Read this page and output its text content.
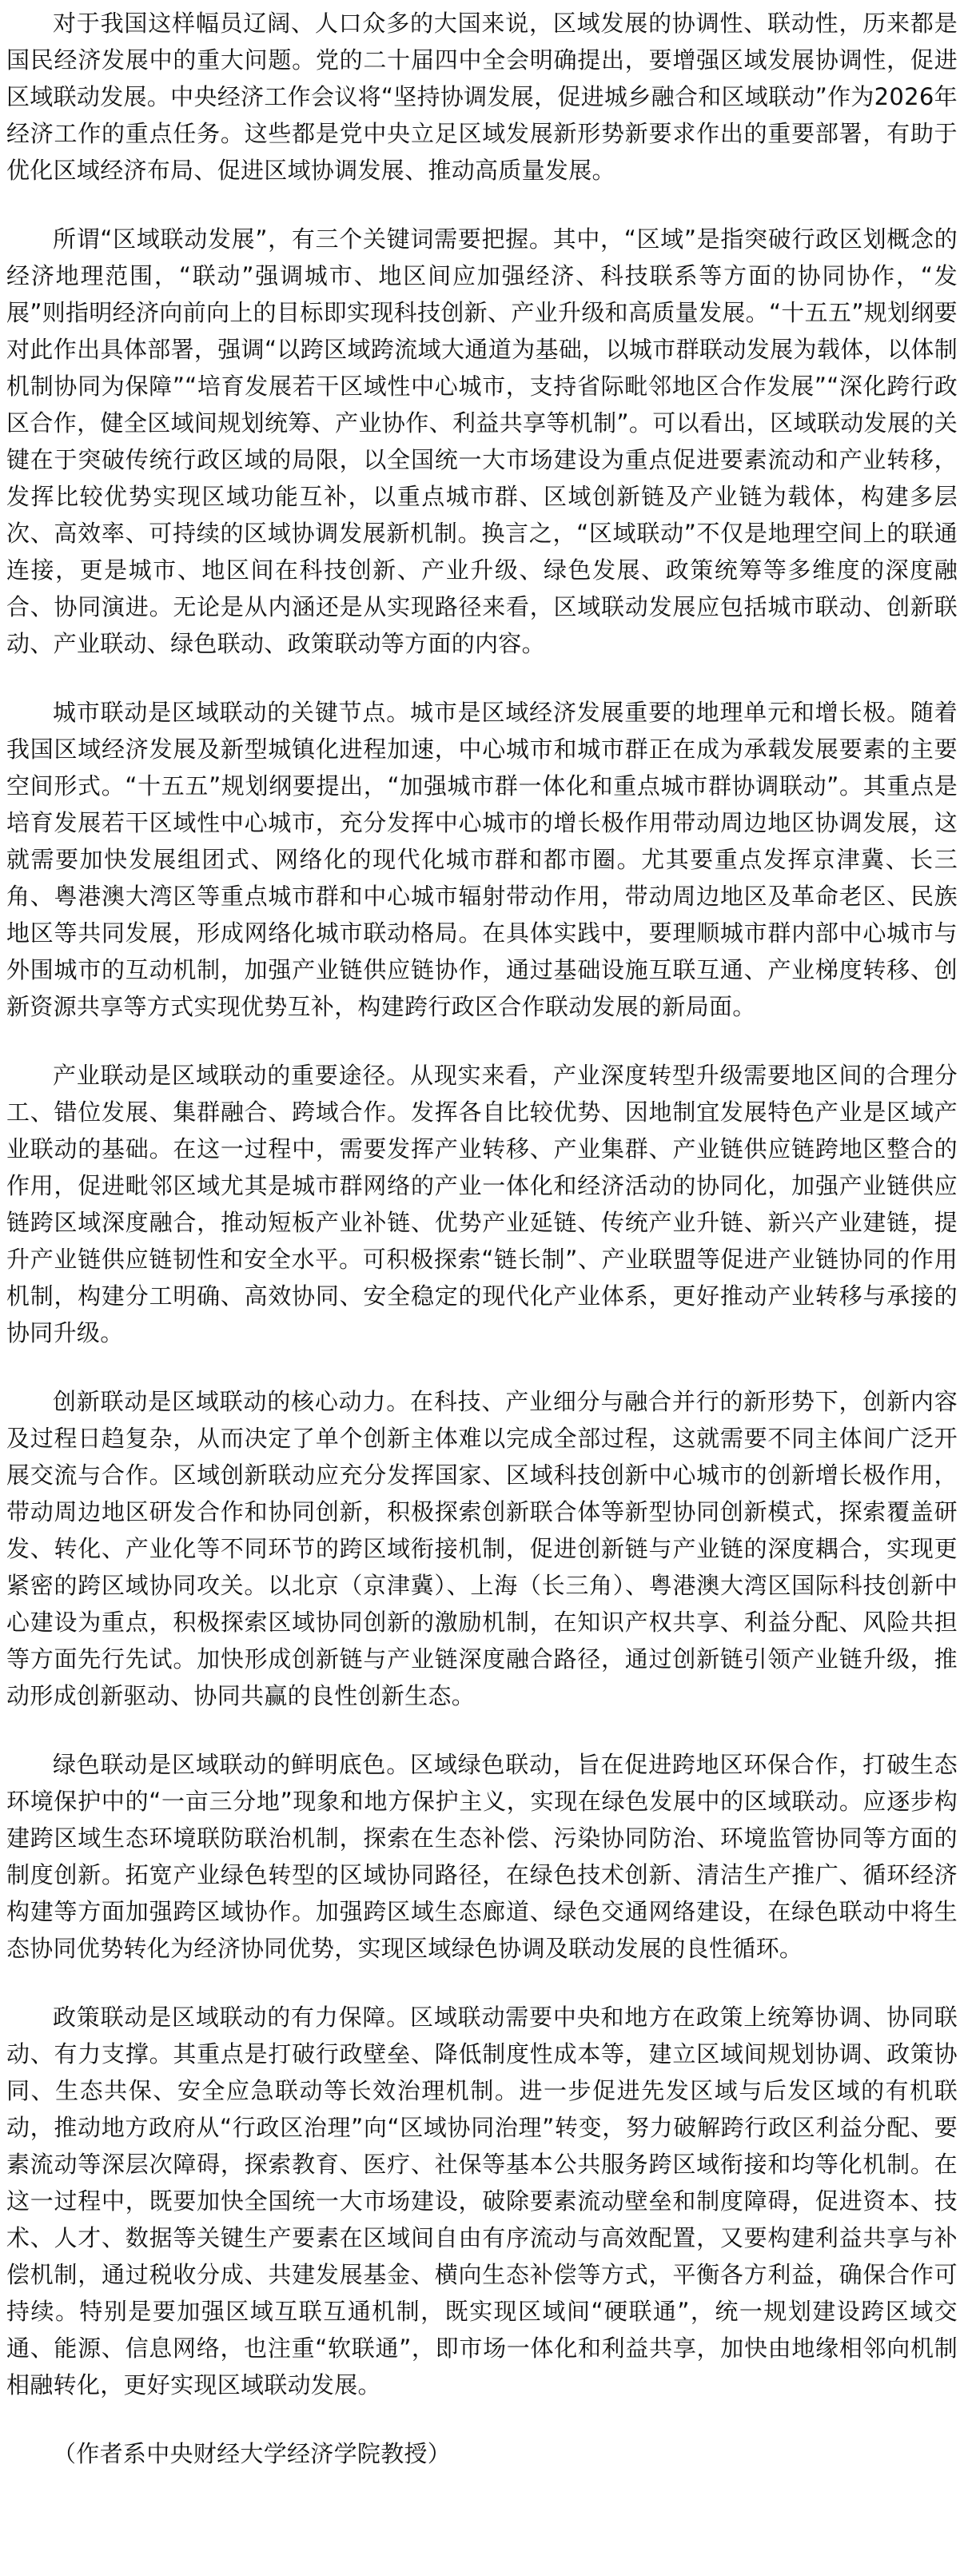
对于我国这样幅员辽阔、人口众多的大国来说，区域发展的协调性、联动性，历来都是国民经济发展中的重大问题。党的二十届四中全会明确提出，要增强区域发展协调性，促进区域联动发展。中央经济工作会议将“坚持协调发展，促进城乡融合和区域联动”作为2026年经济工作的重点任务。这些都是党中央立足区域发展新形势新要求作出的重要部署，有助于优化区域经济布局、促进区域协调发展、推动高质量发展。

所谓“区域联动发展”，有三个关键词需要把握。其中，“区域”是指突破行政区划概念的经济地理范围，“联动”强调城市、地区间应加强经济、科技联系等方面的协同协作，“发展”则指明经济向前向上的目标即实现科技创新、产业升级和高质量发展。“十五五”规划纲要对此作出具体部署，强调“以跨区域跨流域大通道为基础，以城市群联动发展为载体，以体制机制协同为保障”“培育发展若干区域性中心城市，支持省际毗邻地区合作发展”“深化跨行政区合作，健全区域间规划统筹、产业协作、利益共享等机制”。可以看出，区域联动发展的关键在于突破传统行政区域的局限，以全国统一大市场建设为重点促进要素流动和产业转移，发挥比较优势实现区域功能互补，以重点城市群、区域创新链及产业链为载体，构建多层次、高效率、可持续的区域协调发展新机制。换言之，“区域联动”不仅是地理空间上的联通连接，更是城市、地区间在科技创新、产业升级、绿色发展、政策统筹等多维度的深度融合、协同演进。无论是从内涵还是从实现路径来看，区域联动发展应包括城市联动、创新联动、产业联动、绿色联动、政策联动等方面的内容。

城市联动是区域联动的关键节点。城市是区域经济发展重要的地理单元和增长极。随着我国区域经济发展及新型城镇化进程加速，中心城市和城市群正在成为承载发展要素的主要空间形式。“十五五”规划纲要提出，“加强城市群一体化和重点城市群协调联动”。其重点是培育发展若干区域性中心城市，充分发挥中心城市的增长极作用带动周边地区协调发展，这就需要加快发展组团式、网络化的现代化城市群和都市圈。尤其要重点发挥京津冀、长三角、粤港澳大湾区等重点城市群和中心城市辐射带动作用，带动周边地区及革命老区、民族地区等共同发展，形成网络化城市联动格局。在具体实践中，要理顺城市群内部中心城市与外围城市的互动机制，加强产业链供应链协作，通过基础设施互联互通、产业梯度转移、创新资源共享等方式实现优势互补，构建跨行政区合作联动发展的新局面。

产业联动是区域联动的重要途径。从现实来看，产业深度转型升级需要地区间的合理分工、错位发展、集群融合、跨域合作。发挥各自比较优势、因地制宜发展特色产业是区域产业联动的基础。在这一过程中，需要发挥产业转移、产业集群、产业链供应链跨地区整合的作用，促进毗邻区域尤其是城市群网络的产业一体化和经济活动的协同化，加强产业链供应链跨区域深度融合，推动短板产业补链、优势产业延链、传统产业升链、新兴产业建链，提升产业链供应链韧性和安全水平。可积极探索“链长制”、产业联盟等促进产业链协同的作用机制，构建分工明确、高效协同、安全稳定的现代化产业体系，更好推动产业转移与承接的协同升级。

创新联动是区域联动的核心动力。在科技、产业细分与融合并行的新形势下，创新内容及过程日趋复杂，从而决定了单个创新主体难以完成全部过程，这就需要不同主体间广泛开展交流与合作。区域创新联动应充分发挥国家、区域科技创新中心城市的创新增长极作用，带动周边地区研发合作和协同创新，积极探索创新联合体等新型协同创新模式，探索覆盖研发、转化、产业化等不同环节的跨区域衔接机制，促进创新链与产业链的深度耦合，实现更紧密的跨区域协同攻关。以北京（京津冀）、上海（长三角）、粤港澳大湾区国际科技创新中心建设为重点，积极探索区域协同创新的激励机制，在知识产权共享、利益分配、风险共担等方面先行先试。加快形成创新链与产业链深度融合路径，通过创新链引领产业链升级，推动形成创新驱动、协同共赢的良性创新生态。

绿色联动是区域联动的鲜明底色。区域绿色联动，旨在促进跨地区环保合作，打破生态环境保护中的“一亩三分地”现象和地方保护主义，实现在绿色发展中的区域联动。应逐步构建跨区域生态环境联防联治机制，探索在生态补偿、污染协同防治、环境监管协同等方面的制度创新。拓宽产业绿色转型的区域协同路径，在绿色技术创新、清洁生产推广、循环经济构建等方面加强跨区域协作。加强跨区域生态廊道、绿色交通网络建设，在绿色联动中将生态协同优势转化为经济协同优势，实现区域绿色协调及联动发展的良性循环。

政策联动是区域联动的有力保障。区域联动需要中央和地方在政策上统筹协调、协同联动、有力支撑。其重点是打破行政壁垒、降低制度性成本等，建立区域间规划协调、政策协同、生态共保、安全应急联动等长效治理机制。进一步促进先发区域与后发区域的有机联动，推动地方政府从“行政区治理”向“区域协同治理”转变，努力破解跨行政区利益分配、要素流动等深层次障碍，探索教育、医疗、社保等基本公共服务跨区域衔接和均等化机制。在这一过程中，既要加快全国统一大市场建设，破除要素流动壁垒和制度障碍，促进资本、技术、人才、数据等关键生产要素在区域间自由有序流动与高效配置，又要构建利益共享与补偿机制，通过税收分成、共建发展基金、横向生态补偿等方式，平衡各方利益，确保合作可持续。特别是要加强区域互联互通机制，既实现区域间“硬联通”，统一规划建设跨区域交通、能源、信息网络，也注重“软联通”，即市场一体化和利益共享，加快由地缘相邻向机制相融转化，更好实现区域联动发展。

（作者系中央财经大学经济学院教授）
